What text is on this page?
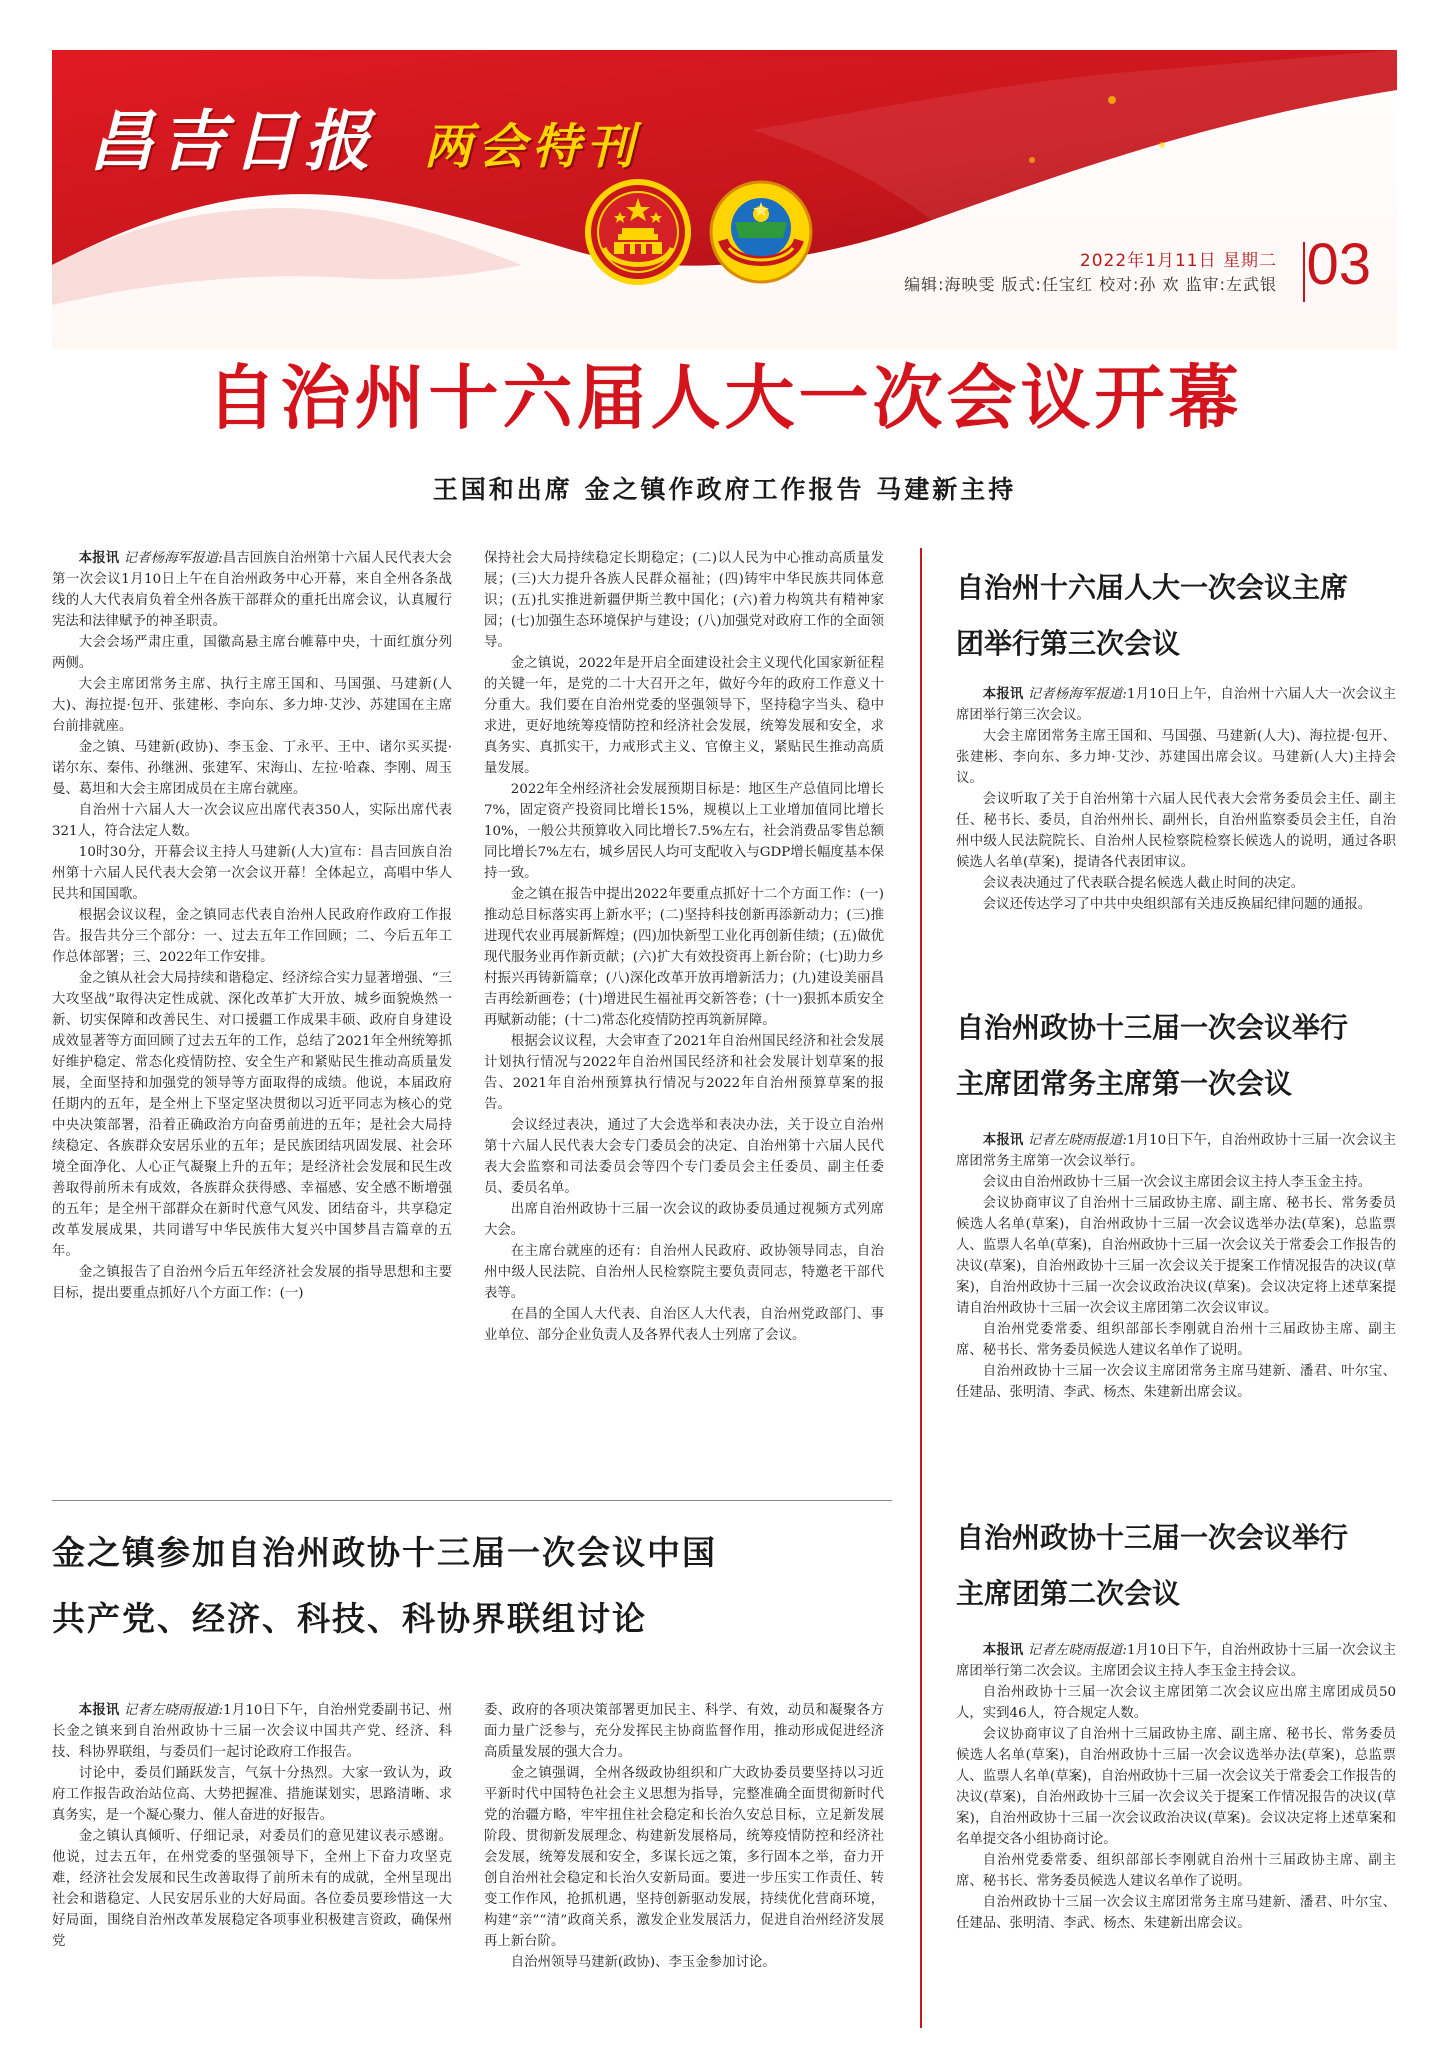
昌吉日报 两会特刊
2022年1月11日 星期二
编辑:海映雯 版式:任宝红 校对:孙 欢 监审:左武银 03
自治州十六届人大一次会议开幕
王国和出席 金之镇作政府工作报告 马建新主持

本报讯 记者杨海军报道:昌吉回族自治州第十六届人民代表大会第一次会议1月10日上午在自治州政务中心开幕，来自全州各条战线的人大代表肩负着全州各族干部群众的重托出席会议，认真履行宪法和法律赋予的神圣职责。

大会会场严肃庄重，国徽高悬主席台帷幕中央，十面红旗分列两侧。

大会主席团常务主席、执行主席王国和、马国强、马建新(人大)、海拉提·包开、张建彬、李向东、多力坤·艾沙、苏建国在主席台前排就座。

金之镇、马建新(政协)、李玉金、丁永平、王中、诸尔买买提·诺尔东、秦伟、孙继洲、张建军、宋海山、左拉·哈森、李刚、周玉曼、葛坦和大会主席团成员在主席台就座。

自治州十六届人大一次会议应出席代表350人，实际出席代表321人，符合法定人数。

10时30分，开幕会议主持人马建新(人大)宣布：昌吉回族自治州第十六届人民代表大会第一次会议开幕！全体起立，高唱中华人民共和国国歌。

根据会议议程，金之镇同志代表自治州人民政府作政府工作报告。报告共分三个部分：一、过去五年工作回顾；二、今后五年工作总体部署；三、2022年工作安排。

金之镇从社会大局持续和谐稳定、经济综合实力显著增强、“三大攻坚战”取得决定性成就、深化改革扩大开放、城乡面貌焕然一新、切实保障和改善民生、对口援疆工作成果丰硕、政府自身建设成效显著等方面回顾了过去五年的工作，总结了2021年全州统筹抓好维护稳定、常态化疫情防控、安全生产和紧贴民生推动高质量发展，全面坚持和加强党的领导等方面取得的成绩。他说，本届政府任期内的五年，是全州上下坚定坚决贯彻以习近平同志为核心的党中央决策部署，沿着正确政治方向奋勇前进的五年；是社会大局持续稳定、各族群众安居乐业的五年；是民族团结巩固发展、社会环境全面净化、人心正气凝聚上升的五年；是经济社会发展和民生改善取得前所未有成效，各族群众获得感、幸福感、安全感不断增强的五年；是全州干部群众在新时代意气风发、团结奋斗，共享稳定改革发展成果，共同谱写中华民族伟大复兴中国梦昌吉篇章的五年。

金之镇报告了自治州今后五年经济社会发展的指导思想和主要目标，提出要重点抓好八个方面工作：(一)

保持社会大局持续稳定长期稳定；(二)以人民为中心推动高质量发展；(三)大力提升各族人民群众福祉；(四)铸牢中华民族共同体意识；(五)扎实推进新疆伊斯兰教中国化；(六)着力构筑共有精神家园；(七)加强生态环境保护与建设；(八)加强党对政府工作的全面领导。

金之镇说，2022年是开启全面建设社会主义现代化国家新征程的关键一年，是党的二十大召开之年，做好今年的政府工作意义十分重大。我们要在自治州党委的坚强领导下，坚持稳字当头、稳中求进，更好地统筹疫情防控和经济社会发展，统筹发展和安全，求真务实、真抓实干，力戒形式主义、官僚主义，紧贴民生推动高质量发展。

2022年全州经济社会发展预期目标是：地区生产总值同比增长7%，固定资产投资同比增长15%，规模以上工业增加值同比增长10%，一般公共预算收入同比增长7.5%左右，社会消费品零售总额同比增长7%左右，城乡居民人均可支配收入与GDP增长幅度基本保持一致。

金之镇在报告中提出2022年要重点抓好十二个方面工作：(一)推动总目标落实再上新水平；(二)坚持科技创新再添新动力；(三)推进现代农业再展新辉煌；(四)加快新型工业化再创新佳绩；(五)做优现代服务业再作新贡献；(六)扩大有效投资再上新台阶；(七)助力乡村振兴再铸新篇章；(八)深化改革开放再增新活力；(九)建设美丽昌吉再绘新画卷；(十)增进民生福祉再交新答卷；(十一)狠抓本质安全再赋新动能；(十二)常态化疫情防控再筑新屏障。

根据会议议程，大会审查了2021年自治州国民经济和社会发展计划执行情况与2022年自治州国民经济和社会发展计划草案的报告、2021年自治州预算执行情况与2022年自治州预算草案的报告。

会议经过表决，通过了大会选举和表决办法，关于设立自治州第十六届人民代表大会专门委员会的决定、自治州第十六届人民代表大会监察和司法委员会等四个专门委员会主任委员、副主任委员、委员名单。

出席自治州政协十三届一次会议的政协委员通过视频方式列席大会。

在主席台就座的还有：自治州人民政府、政协领导同志，自治州中级人民法院、自治州人民检察院主要负责同志，特邀老干部代表等。

在昌的全国人大代表、自治区人大代表，自治州党政部门、事业单位、部分企业负责人及各界代表人士列席了会议。

自治州十六届人大一次会议主席
团举行第三次会议

本报讯 记者杨海军报道:1月10日上午，自治州十六届人大一次会议主席团举行第三次会议。

大会主席团常务主席王国和、马国强、马建新(人大)、海拉提·包开、张建彬、李向东、多力坤·艾沙、苏建国出席会议。马建新(人大)主持会议。

会议听取了关于自治州第十六届人民代表大会常务委员会主任、副主任、秘书长、委员，自治州州长、副州长，自治州监察委员会主任，自治州中级人民法院院长、自治州人民检察院检察长候选人的说明，通过各职候选人名单(草案)，提请各代表团审议。

会议表决通过了代表联合提名候选人截止时间的决定。

会议还传达学习了中共中央组织部有关违反换届纪律问题的通报。

自治州政协十三届一次会议举行
主席团常务主席第一次会议

本报讯 记者左晓雨报道:1月10日下午，自治州政协十三届一次会议主席团常务主席第一次会议举行。

会议由自治州政协十三届一次会议主席团会议主持人李玉金主持。

会议协商审议了自治州十三届政协主席、副主席、秘书长、常务委员候选人名单(草案)，自治州政协十三届一次会议选举办法(草案)，总监票人、监票人名单(草案)，自治州政协十三届一次会议关于常委会工作报告的决议(草案)，自治州政协十三届一次会议关于提案工作情况报告的决议(草案)，自治州政协十三届一次会议政治决议(草案)。会议决定将上述草案提请自治州政协十三届一次会议主席团第二次会议审议。

自治州党委常委、组织部部长李刚就自治州十三届政协主席、副主席、秘书长、常务委员候选人建议名单作了说明。

自治州政协十三届一次会议主席团常务主席马建新、潘君、叶尔宝、任建品、张明清、李武、杨杰、朱建新出席会议。

自治州政协十三届一次会议举行
主席团第二次会议

本报讯 记者左晓雨报道:1月10日下午，自治州政协十三届一次会议主席团举行第二次会议。主席团会议主持人李玉金主持会议。

自治州政协十三届一次会议主席团第二次会议应出席主席团成员50人，实到46人，符合规定人数。

会议协商审议了自治州十三届政协主席、副主席、秘书长、常务委员候选人名单(草案)，自治州政协十三届一次会议选举办法(草案)，总监票人、监票人名单(草案)，自治州政协十三届一次会议关于常委会工作报告的决议(草案)，自治州政协十三届一次会议关于提案工作情况报告的决议(草案)，自治州政协十三届一次会议政治决议(草案)。会议决定将上述草案和名单提交各小组协商讨论。

自治州党委常委、组织部部长李刚就自治州十三届政协主席、副主席、秘书长、常务委员候选人建议名单作了说明。

自治州政协十三届一次会议主席团常务主席马建新、潘君、叶尔宝、任建品、张明清、李武、杨杰、朱建新出席会议。

金之镇参加自治州政协十三届一次会议中国
共产党、经济、科技、科协界联组讨论

本报讯 记者左晓雨报道:1月10日下午，自治州党委副书记、州长金之镇来到自治州政协十三届一次会议中国共产党、经济、科技、科协界联组，与委员们一起讨论政府工作报告。

讨论中，委员们踊跃发言，气氛十分热烈。大家一致认为，政府工作报告政治站位高、大势把握准、措施谋划实，思路清晰、求真务实，是一个凝心聚力、催人奋进的好报告。

金之镇认真倾听、仔细记录，对委员们的意见建议表示感谢。他说，过去五年，在州党委的坚强领导下，全州上下奋力攻坚克难，经济社会发展和民生改善取得了前所未有的成就，全州呈现出社会和谐稳定、人民安居乐业的大好局面。各位委员要珍惜这一大好局面，围绕自治州改革发展稳定各项事业积极建言资政，确保州党

委、政府的各项决策部署更加民主、科学、有效，动员和凝聚各方面力量广泛参与，充分发挥民主协商监督作用，推动形成促进经济高质量发展的强大合力。

金之镇强调，全州各级政协组织和广大政协委员要坚持以习近平新时代中国特色社会主义思想为指导，完整准确全面贯彻新时代党的治疆方略，牢牢扭住社会稳定和长治久安总目标，立足新发展阶段、贯彻新发展理念、构建新发展格局，统筹疫情防控和经济社会发展，统筹发展和安全，多谋长远之策，多行固本之举，奋力开创自治州社会稳定和长治久安新局面。要进一步压实工作责任、转变工作作风，抢抓机遇，坚持创新驱动发展，持续优化营商环境，构建“亲”“清”政商关系，激发企业发展活力，促进自治州经济发展再上新台阶。

自治州领导马建新(政协)、李玉金参加讨论。
